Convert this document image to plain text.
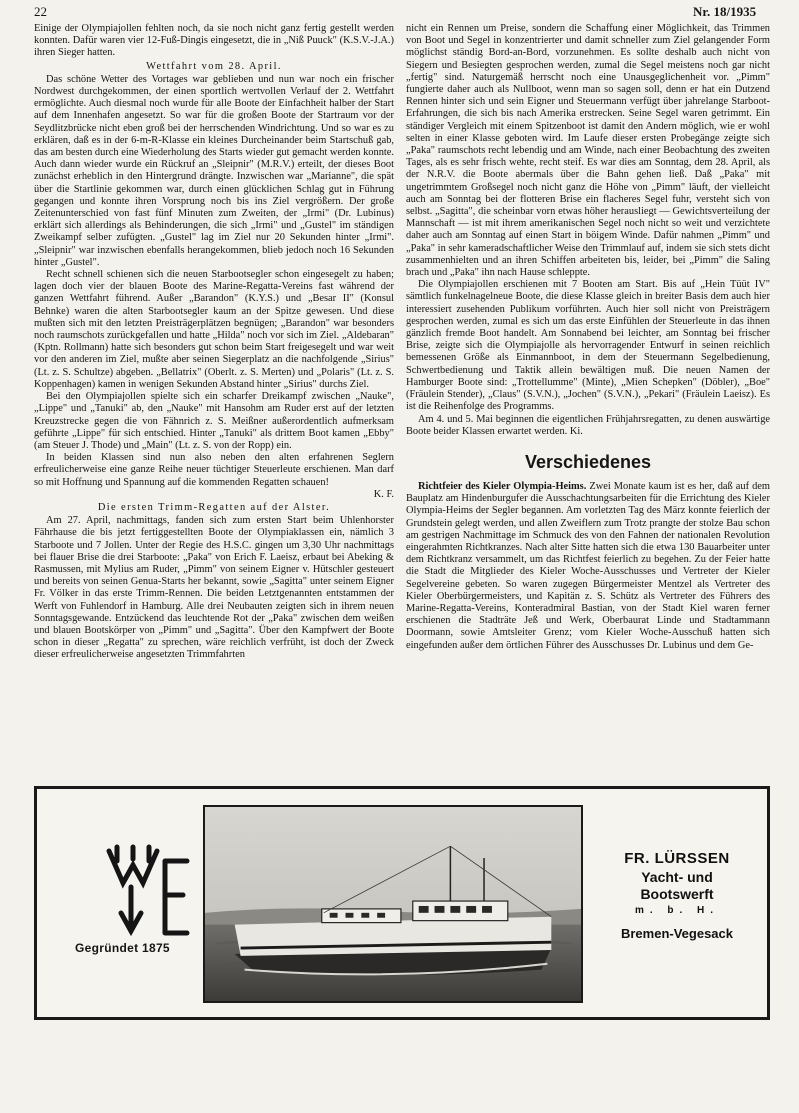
22	Nr. 18/1935

Einige der Olympiajollen fehlten noch, da sie noch nicht ganz fertig gestellt werden konnten. Dafür waren vier 12-Fuß-Dingis eingesetzt, die in „Niß Puuck" (K.S.V.-J.A.) ihren Sieger hatten.

Wettfahrt vom 28. April.

Das schöne Wetter des Vortages war geblieben und nun war noch ein frischer Nordwest durchgekommen, der einen sportlich wertvollen Verlauf der 2. Wettfahrt ermöglichte. Auch diesmal noch wurde für alle Boote der Einfachheit halber der Start auf dem Innenhafen angesetzt. So war für die großen Boote der Startraum vor der Seydlitzbrücke nicht eben groß bei der herrschenden Windrichtung. Und so war es zu erklären, daß es in der 6-m-R-Klasse ein kleines Durcheinander beim Startschuß gab, das am besten durch eine Wiederholung des Starts wieder gut gemacht werden konnte. Auch dann wieder wurde ein Rückruf an „Sleipnir" (M.R.V.) erteilt, der dieses Boot zunächst erheblich in den Hintergrund drängte. Inzwischen war „Marianne", die spät über die Startlinie gekommen war, durch einen glücklichen Schlag gut in Führung gegangen und konnte ihren Vorsprung noch bis ins Ziel vergrößern. Der große Zeitenunterschied von fast fünf Minuten zum Zweiten, der „Irmi" (Dr. Lubinus) erklärt sich allerdings als Behinderungen, die sich „Irmi" und „Gustel" im ständigen Zweikampf selber zufügten. „Gustel" lag im Ziel nur 20 Sekunden hinter „Irmi". „Sleipnir" war inzwischen ebenfalls herangekommen, blieb jedoch noch 16 Sekunden hinter „Gustel".

Recht schnell schienen sich die neuen Starbootsegler schon eingesegelt zu haben; lagen doch vier der blauen Boote des Marine-Regatta-Vereins fast während der ganzen Wettfahrt führend. Außer „Barandon" (K.Y.S.) und „Besar II" (Konsul Behnke) waren die alten Starbootsegler kaum an der Spitze gewesen. Und diese mußten sich mit den letzten Preisträgerplätzen begnügen; „Barandon" war besonders noch raumschots zurückgefallen und hatte „Hilda" noch vor sich im Ziel. „Aldebaran" (Kptn. Rollmann) hatte sich besonders gut schon beim Start freigesegelt und war weit vor den anderen im Ziel, mußte aber seinen Siegerplatz an die nachfolgende „Sirius" (Lt. z. S. Schultze) abgeben. „Bellatrix" (Oberlt. z. S. Merten) und „Polaris" (Lt. z. S. Koppenhagen) kamen in wenigen Sekunden Abstand hinter „Sirius" durchs Ziel.

Bei den Olympiajollen spielte sich ein scharfer Dreikampf zwischen „Nauke", „Lippe" und „Tanuki" ab, den „Nauke" mit Hansohm am Ruder erst auf der letzten Kreuzstrecke gegen die von Fähnrich z. S. Meißner außerordentlich aufmerksam geführte „Lippe" für sich entschied. Hinter „Tanuki" als drittem Boot kamen „Ebby" (am Steuer J. Thode) und „Main" (Lt. z. S. von der Ropp) ein.

In beiden Klassen sind nun also neben den alten erfahrenen Seglern erfreulicherweise eine ganze Reihe neuer tüchtiger Steuerleute erschienen. Man darf so mit Hoffnung und Spannung auf die kommenden Regatten schauen!

K. F.

Die ersten Trimm-Regatten auf der Alster.

Am 27. April, nachmittags, fanden sich zum ersten Start beim Uhlenhorster Fährhause die bis jetzt fertiggestellten Boote der Olympiaklassen ein, nämlich 3 Starboote und 7 Jollen. Unter der Regie des H.S.C. gingen um 3,30 Uhr nachmittags bei flauer Brise die drei Starboote: „Paka" von Erich F. Laeisz, erbaut bei Abeking & Rasmussen, mit Mylius am Ruder, „Pimm" von seinem Eigner v. Hütschler gesteuert und bereits von seinen Genua-Starts her bekannt, sowie „Sagitta" unter seinem Eigner Fr. Völker in das erste Trimm-Rennen. Die beiden Letztgenannten entstammen der Werft von Fuhlendorf in Hamburg. Alle drei Neubauten zeigten sich in ihrem neuen Sonntagsgewande. Entzückend das leuchtende Rot der „Paka" zwischen dem weißen und blauen Bootskörper von „Pimm" und „Sagitta". Über den Kampfwert der Boote schon in dieser „Regatta" zu sprechen, wäre reichlich verfrüht, ist doch der Zweck dieser erfreulicherweise angesetzten Trimmfahrten

nicht ein Rennen um Preise, sondern die Schaffung einer Möglichkeit, das Trimmen von Boot und Segel in konzentrierter und damit schneller zum Ziel gelangender Form möglichst ständig Bord-an-Bord, vorzunehmen. Es sollte deshalb auch nicht von Siegern und Besiegten gesprochen werden, zumal die Segel meistens noch gar nicht „fertig" sind. Naturgemäß herrscht noch eine Unausgeglichenheit vor. „Pimm" fungierte daher auch als Nullboot, wenn man so sagen soll, denn er hat ein Dutzend Rennen hinter sich und sein Eigner und Steuermann verfügt über jahrelange Starboot-Erfahrungen, die sich bis nach Amerika erstrecken. Seine Segel waren getrimmt. Ein ständiger Vergleich mit einem Spitzenboot ist damit den Andern möglich, wie er wohl selten in einer Klasse geboten wird. Im Laufe dieser ersten Probegänge zeigte sich „Paka" raumschots recht lebendig und am Winde, nach einer Beobachtung des zweiten Tages, als es sehr frisch wehte, recht steif. Es war dies am Sonntag, dem 28. April, als der N.R.V. die Boote abermals über die Bahn gehen ließ. Daß „Paka" mit ungetrimmtem Großsegel noch nicht ganz die Höhe von „Pimm" läuft, der vielleicht auch am Sonntag bei der flotteren Brise ein flacheres Segel fuhr, versteht sich von selbst. „Sagitta", die scheinbar vorn etwas höher herausliegt — Gewichtsverteilung der Mannschaft — ist mit ihrem amerikanischen Segel noch nicht so weit und verzichtete daher auch am Sonntag auf einen Start in böigem Winde. Dafür nahmen „Pimm" und „Paka" in sehr kameradschaftlicher Weise den Trimmlauf auf, indem sie sich stets dicht zusammenhielten und an ihren Schiffen arbeiteten bis, leider, bei „Pimm" die Saling brach und „Paka" ihn nach Hause schleppte.

Die Olympiajollen erschienen mit 7 Booten am Start. Bis auf „Hein Tüüt IV" sämtlich funkelnagelneue Boote, die diese Klasse gleich in breiter Basis dem auch hier interessiert zusehenden Publikum vorführten. Auch hier soll nicht von Preisträgern gesprochen werden, zumal es sich um das erste Einfühlen der Steuerleute in das ihnen gänzlich fremde Boot handelt. Am Sonnabend bei leichter, am Sonntag bei frischer Brise, zeigte sich die Olympiajolle als hervorragender Entwurf in seinen reichlich bemessenen Größe als Einmannboot, in dem der Steuermann Segelbedienung, Schwertbedienung und Taktik allein bewältigen muß. Die neuen Namen der Hamburger Boote sind: „Trottellumme" (Minte), „Mien Schepken" (Döbler), „Boe" (Fräulein Stender), „Claus" (S.V.N.), „Jochen" (S.V.N.), „Pekari" (Fräulein Laeisz). Es ist die Reihenfolge des Programms.

Am 4. und 5. Mai beginnen die eigentlichen Frühjahrsregatten, zu denen auswärtige Boote beider Klassen erwartet werden. Ki.

Verschiedenes

Richtfeier des Kieler Olympia-Heims. Zwei Monate kaum ist es her, daß auf dem Bauplatz am Hindenburgufer die Ausschachtungsarbeiten für die Errichtung des Kieler Olympia-Heims der Segler begannen. Am vorletzten Tag des März konnte feierlich der Grundstein gelegt werden, und allen Zweiflern zum Trotz prangte der stolze Bau schon am gestrigen Nachmittage im Schmuck des von den Fahnen der nationalen Revolution eingerahmten Richtkranzes. Nach alter Sitte hatten sich die etwa 130 Bauarbeiter unter dem Richtkranz versammelt, um das Richtfest feierlich zu begehen. Zu der Feier hatte die Stadt die Mitglieder des Kieler Woche-Ausschusses und Vertreter der Kieler Segelvereine gebeten. So waren zugegen Bürgermeister Mentzel als Vertreter des Kieler Oberbürgermeisters, und Kapitän z. S. Schütz als Vertreter des Führers des Marine-Regatta-Vereins, Konteradmiral Bastian, von der Stadt Kiel waren ferner erschienen die Stadträte Jeß und Werk, Oberbaurat Linde und Stadtammann Doormann, sowie Amtsleiter Grenz; vom Kieler Woche-Ausschuß hatten sich eingefunden außer dem örtlichen Führer des Ausschusses Dr. Lubinus und dem Ge-

Gegründet 1875
FR. LÜRSSEN
Yacht- und
Bootswerft
m. b. H.
Bremen-Vegesack
